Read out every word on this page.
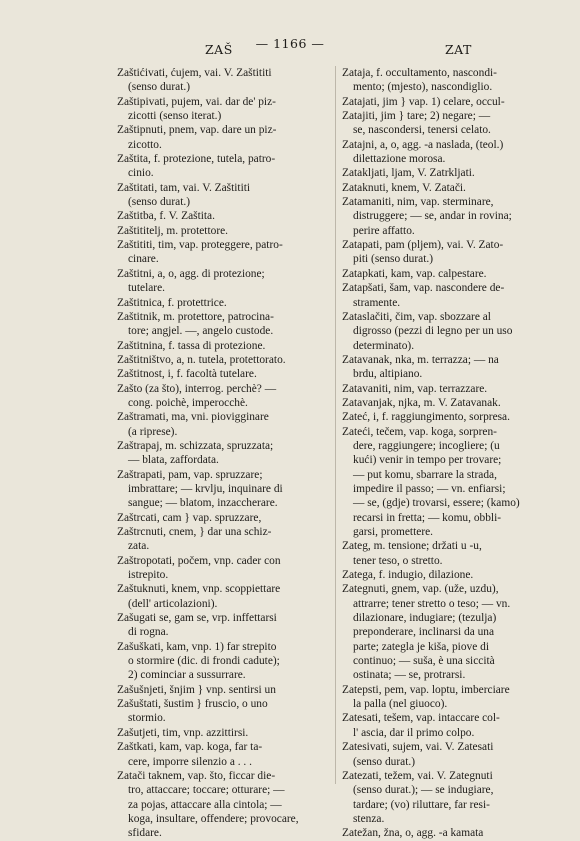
ZAŠ	— 1166 —	ZAT
Zaštićivati, ćujem, vai. V. Zaštititi
(senso durat.)
Zaštipivati, pujem, vai. dar de' piz-
zicotti (senso iterat.)
Zaštipnuti, pnem, vap. dare un piz-
zicotto.
Zaštita, f. protezione, tutela, patro-
cinio.
Zaštitati, tam, vai. V. Zaštititi
(senso durat.)
Zaštitba, f. V. Zaštita.
Zaštititelj, m. protettore.
Zaštititi, tim, vap. proteggere, patro-
cinare.
Zaštitni, a, o, agg. di protezione;
tutelare.
Zaštitnica, f. protettrice.
Zaštitnik, m. protettore, patrocina-
tore; angjel. —, angelo custode.
Zaštitnina, f. tassa di protezione.
Zaštitništvo, a, n. tutela, protettorato.
Zaštitnost, i, f. facoltà tutelare.
Zašto (za što), interrog. perchè? —
cong. poichè, imperocchè.
Zaštramati, ma, vni. piovigginare
(a riprese).
Zaštrapaj, m. schizzata, spruzzata;
— blata, zaffordata.
Zaštrapati, pam, vap. spruzzare;
imbrattare; — krvlju, inquinare di
sangue; — blatom, inzaccherare.
Zaštrcati, cam } vap. spruzzare,
Zaštrcnuti, cnem, } dar una schiz-
zata.
Zaštropotati, počem, vnp. cader con
istrepito.
Zaštuknuti, knem, vnp. scoppiettare
(dell' articolazioni).
Zašugati se, gam se, vrp. inffettarsi
di rogna.
Zašuškati, kam, vnp. 1) far strepito
o stormire (dic. di frondi cadute);
2) cominciar a sussurrare.
Zašušnjeti, šnjim } vnp. sentirsi un
Zašuštati, šustim } fruscio, o uno
stormio.
Zašutjeti, tim, vnp. azzittirsi.
Zaštkati, kam, vap. koga, far ta-
cere, imporre silenzio a . . .
Zatači taknem, vap. što, ficcar die-
tro, attaccare; toccare; otturare; —
za pojas, attaccare alla cintola; —
koga, insultare, offendere; provocare,
sfidare.
Zataja, f. occultamento, nascondi-
mento; (mjesto), nascondiglio.
Zatajati, jim } vap. 1) celare, occul-
Zatajiti, jim } tare; 2) negare; —
se, nascondersi, tenersi celato.
Zatajni, a, o, agg. -a naslada, (teol.)
dilettazione morosa.
Zatakljati, ljam, V. Zatrkljati.
Zataknuti, knem, V. Zatači.
Zatamaniti, nim, vap. sterminare,
distruggere; — se, andar in rovina;
perire affatto.
Zatapati, pam (pljem), vai. V. Zato-
piti (senso durat.)
Zatapkati, kam, vap. calpestare.
Zatapšati, šam, vap. nascondere de-
stramente.
Zataslačiti, čim, vap. sbozzare al
digrosso (pezzi di legno per un uso
determinato).
Zatavanak, nka, m. terrazza; — na
brdu, altipiano.
Zatavaniti, nim, vap. terrazzare.
Zatavanjak, njka, m. V. Zatavanak.
Zateć, i, f. raggiungimento, sorpresa.
Zateći, tečem, vap. koga, sorpren-
dere, raggiungere; incogliere; (u
kući) venir in tempo per trovare;
— put komu, sbarrare la strada,
impedire il passo; — vn. enfiarsi;
— se, (gdje) trovarsi, essere; (kamo)
recarsi in fretta; — komu, obbli-
garsi, promettere.
Zateg, m. tensione; držati u -u,
tener teso, o stretto.
Zatega, f. indugio, dilazione.
Zategnuti, gnem, vap. (uže, uzdu),
attrarre; tener stretto o teso; — vn.
dilazionare, indugiare; (tezulja)
preponderare, inclinarsi da una
parte; zategla je kiša, piove di
continuo; — suša, è una siccità
ostinata; — se, protrarsi.
Zatepsti, pem, vap. loptu, imberciare
la palla (nel giuoco).
Zatesati, tešem, vap. intaccare col-
l' ascia, dar il primo colpo.
Zatesivati, sujem, vai. V. Zatesati
(senso durat.)
Zatezati, težem, vai. V. Zategnuti
(senso durat.); — se indugiare,
tardare; (vo) riluttare, far resi-
stenza.
Zatežan, žna, o, agg. -a kamata
